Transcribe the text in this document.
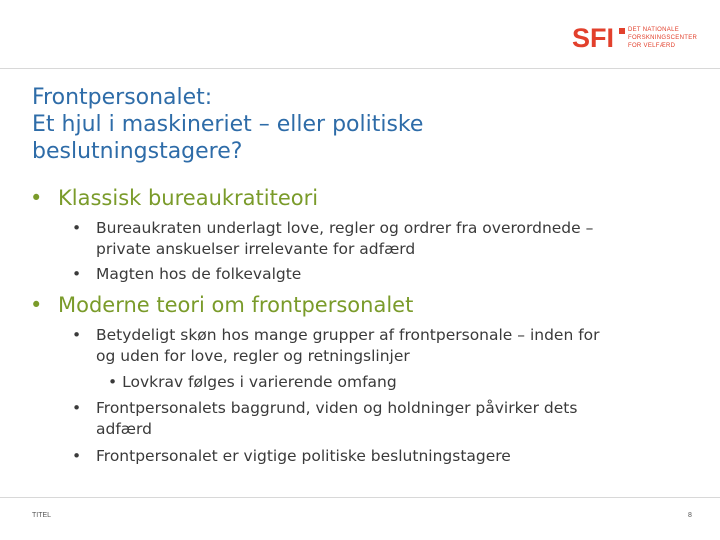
SFI DET NATIONALE
FORSKNINGSCENTER
FOR VELFÆRD
Frontpersonalet:
Et hjul i maskineriet – eller politiske
beslutningstagere?
• Klassisk bureaukratiteori
• Bureaukraten underlagt love, regler og ordrer fra overordnede –
private anskuelser irrelevante for adfærd
• Magten hos de folkevalgte
• Moderne teori om frontpersonalet
• Betydeligt skøn hos mange grupper af frontpersonale – inden for
og uden for love, regler og retningslinjer
• Lovkrav følges i varierende omfang
• Frontpersonalets baggrund, viden og holdninger påvirker dets
adfærd
• Frontpersonalet er vigtige politiske beslutningstagere
TITEL	8
